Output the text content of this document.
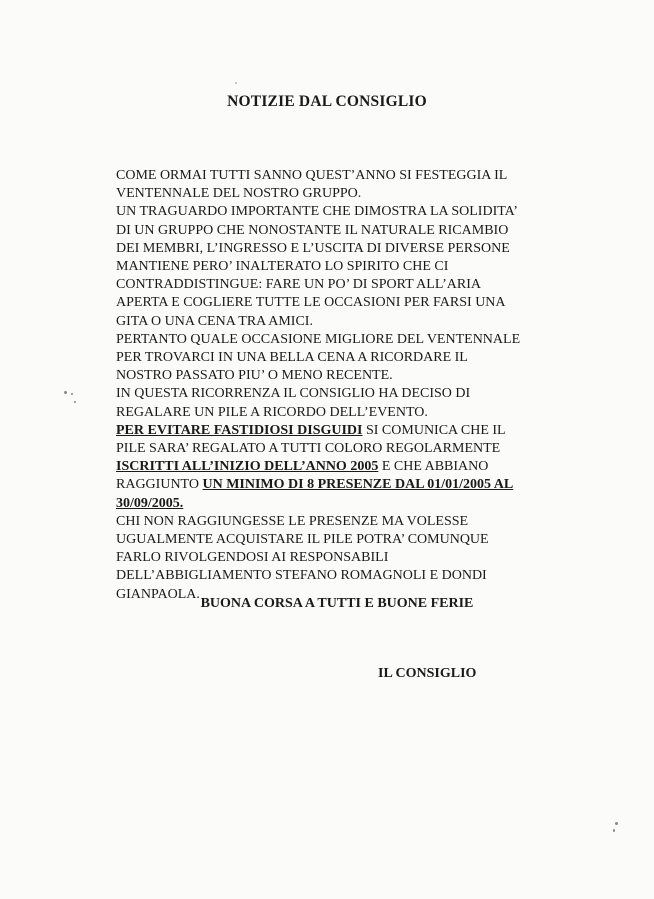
NOTIZIE DAL CONSIGLIO
COME ORMAI TUTTI SANNO QUEST’ANNO SI FESTEGGIA IL
VENTENNALE DEL NOSTRO GRUPPO.
UN TRAGUARDO IMPORTANTE CHE DIMOSTRA LA SOLIDITA’
DI UN GRUPPO CHE NONOSTANTE IL NATURALE RICAMBIO
DEI MEMBRI, L’INGRESSO E L’USCITA DI DIVERSE PERSONE
MANTIENE PERO’ INALTERATO LO SPIRITO CHE CI
CONTRADDISTINGUE: FARE UN PO’ DI SPORT ALL’ARIA
APERTA E COGLIERE TUTTE LE OCCASIONI PER FARSI UNA
GITA O UNA CENA TRA AMICI.
PERTANTO QUALE OCCASIONE MIGLIORE DEL VENTENNALE
PER TROVARCI IN UNA BELLA CENA A RICORDARE IL
NOSTRO PASSATO PIU’ O MENO RECENTE.
IN QUESTA RICORRENZA IL CONSIGLIO HA DECISO DI
REGALARE UN PILE A RICORDO DELL’EVENTO.
PER EVITARE FASTIDIOSI DISGUIDI SI COMUNICA CHE IL
PILE SARA’ REGALATO A TUTTI COLORO REGOLARMENTE
ISCRITTI ALL’INIZIO DELL’ANNO 2005 E CHE ABBIANO
RAGGIUNTO UN MINIMO DI 8 PRESENZE DAL 01/01/2005 AL
30/09/2005.
CHI NON RAGGIUNGESSE LE PRESENZE MA VOLESSE
UGUALMENTE ACQUISTARE IL PILE POTRA’ COMUNQUE
FARLO RIVOLGENDOSI AI RESPONSABILI
DELL’ABBIGLIAMENTO STEFANO ROMAGNOLI E DONDI
GIANPAOLA.
BUONA CORSA A TUTTI E BUONE FERIE
IL CONSIGLIO
